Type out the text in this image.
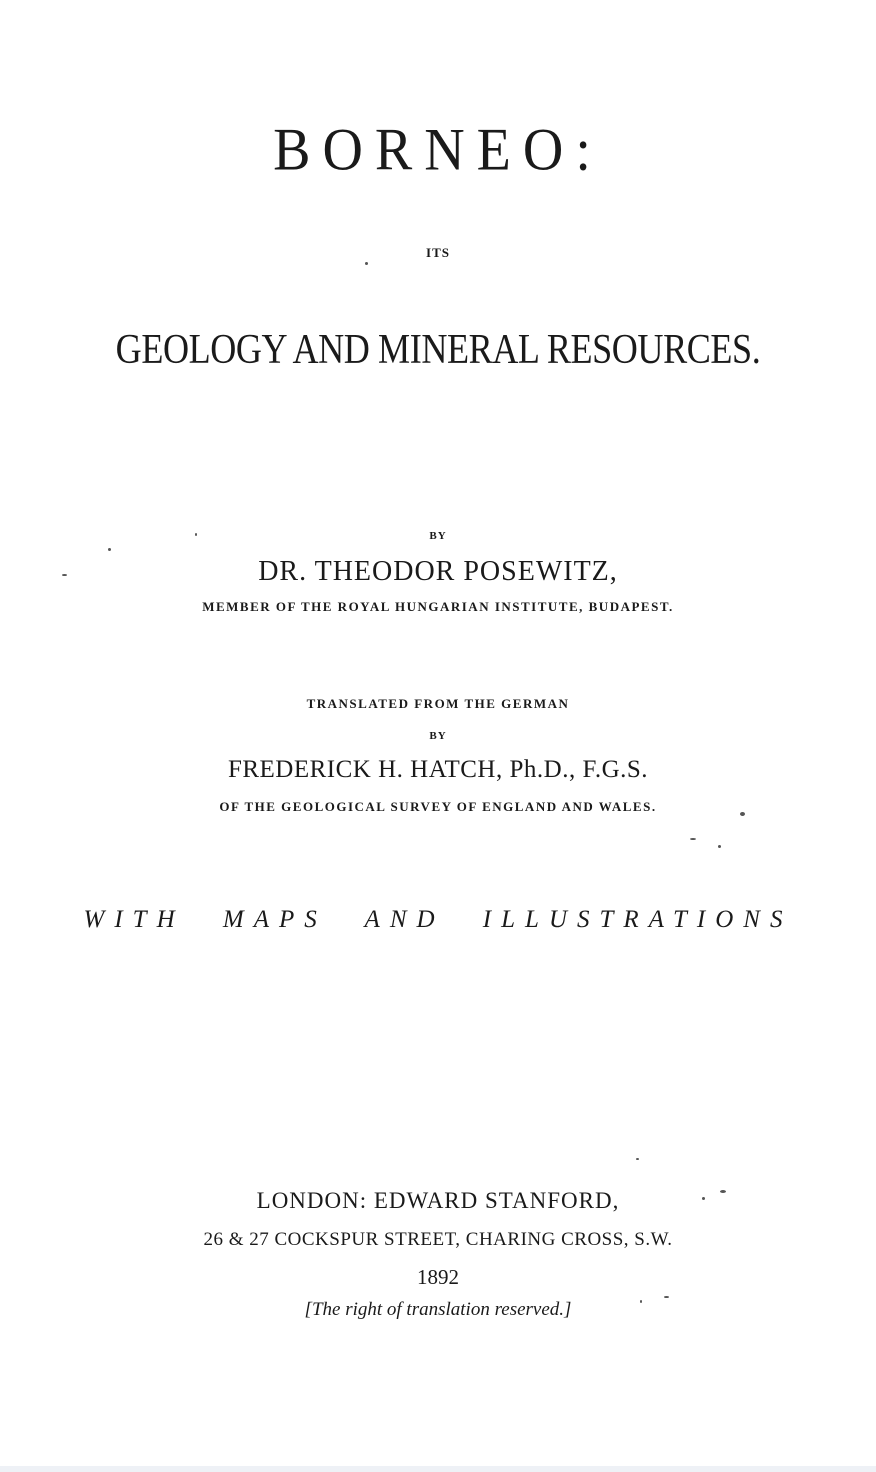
BORNEO:
ITS
GEOLOGY AND MINERAL RESOURCES.
BY
DR. THEODOR POSEWITZ,
MEMBER OF THE ROYAL HUNGARIAN INSTITUTE, BUDAPEST.
TRANSLATED FROM THE GERMAN
BY
FREDERICK H. HATCH, Ph.D., F.G.S.
OF THE GEOLOGICAL SURVEY OF ENGLAND AND WALES.
WITH MAPS AND ILLUSTRATIONS
LONDON: EDWARD STANFORD,
26 & 27 COCKSPUR STREET, CHARING CROSS, S.W.
1892
[The right of translation reserved.]
